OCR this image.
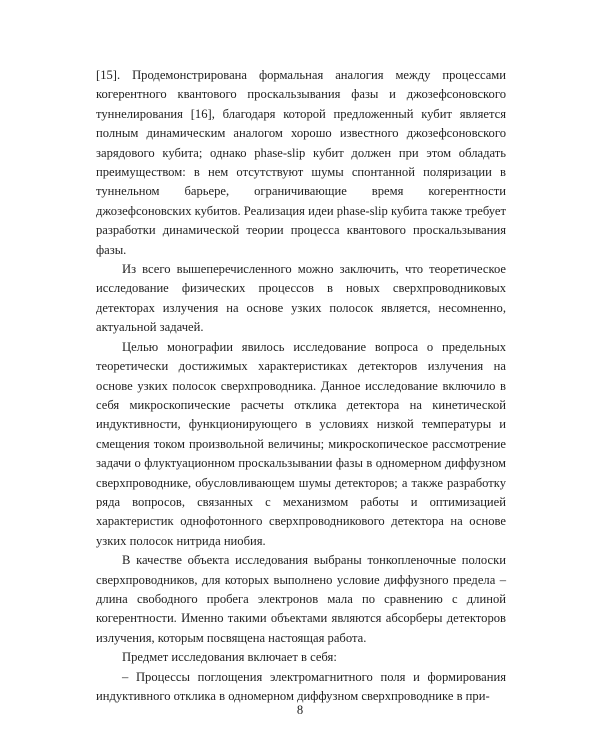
[15]. Продемонстрирована формальная аналогия между процессами когерентного квантового проскальзывания фазы и джозефсоновского туннелирования [16], благодаря которой предложенный кубит является полным динамическим аналогом хорошо известного джозефсоновского зарядового кубита; однако phase-slip кубит должен при этом обладать преимуществом: в нем отсутствуют шумы спонтанной поляризации в туннельном барьере, ограничивающие время когерентности джозефсоновских кубитов. Реализация идеи phase-slip кубита также требует разработки динамической теории процесса квантового проскальзывания фазы.

Из всего вышеперечисленного можно заключить, что теоретическое исследование физических процессов в новых сверхпроводниковых детекторах излучения на основе узких полосок является, несомненно, актуальной задачей.

Целью монографии явилось исследование вопроса о предельных теоретически достижимых характеристиках детекторов излучения на основе узких полосок сверхпроводника. Данное исследование включило в себя микроскопические расчеты отклика детектора на кинетической индуктивности, функционирующего в условиях низкой температуры и смещения током произвольной величины; микроскопическое рассмотрение задачи о флуктуационном проскальзывании фазы в одномерном диффузном сверхпроводнике, обусловливающем шумы детекторов; а также разработку ряда вопросов, связанных с механизмом работы и оптимизацией характеристик однофотонного сверхпроводникового детектора на основе узких полосок нитрида ниобия.

В качестве объекта исследования выбраны тонкопленочные полоски сверхпроводников, для которых выполнено условие диффузного предела – длина свободного пробега электронов мала по сравнению с длиной когерентности. Именно такими объектами являются абсорберы детекторов излучения, которым посвящена настоящая работа.

Предмет исследования включает в себя:

– Процессы поглощения электромагнитного поля и формирования индуктивного отклика в одномерном диффузном сверхпроводнике в при-

8
